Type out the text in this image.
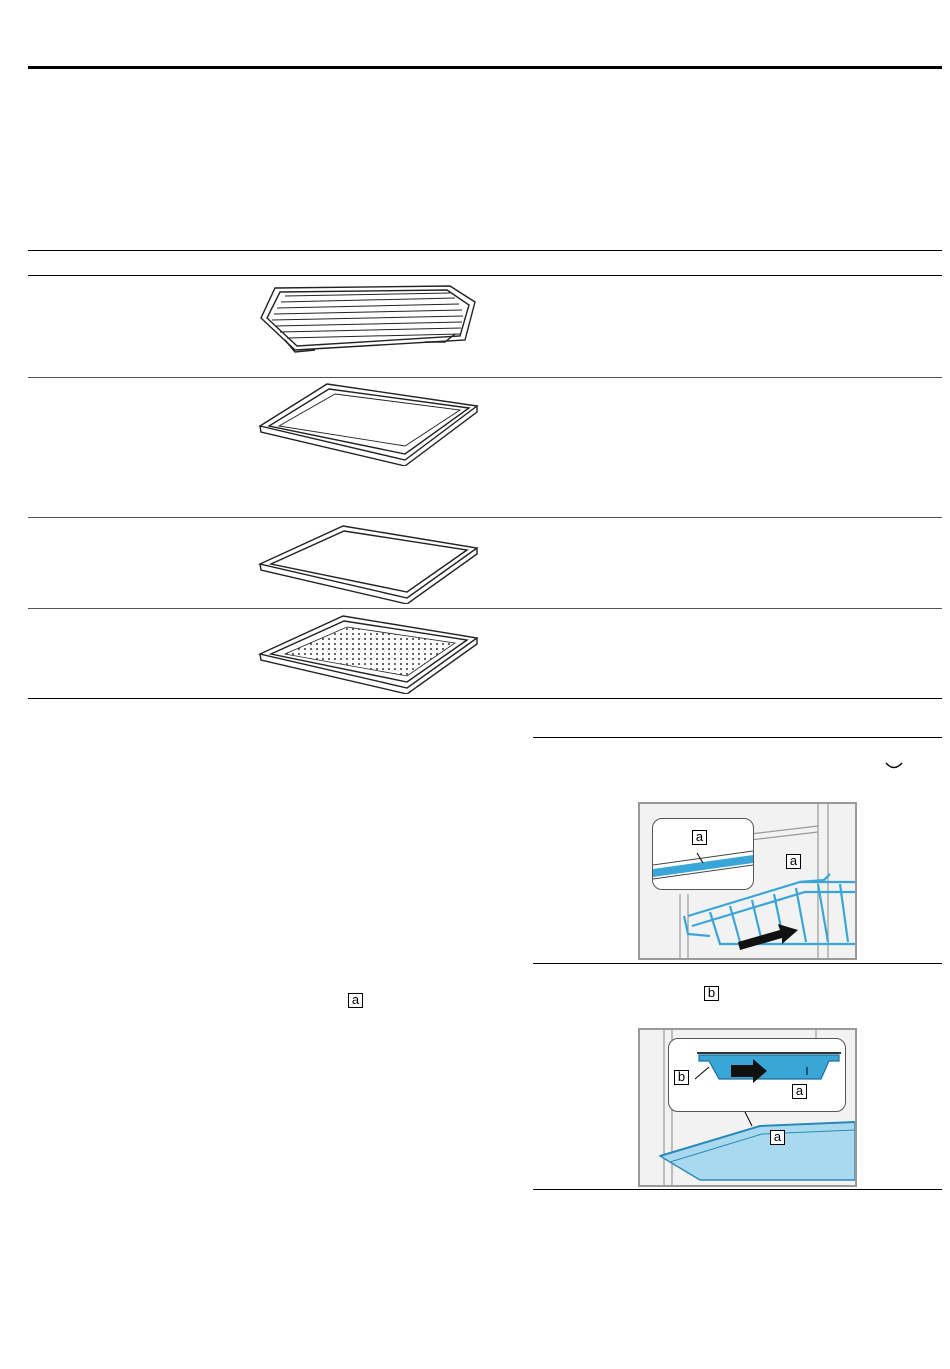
a	b
a
a
b
a
a
